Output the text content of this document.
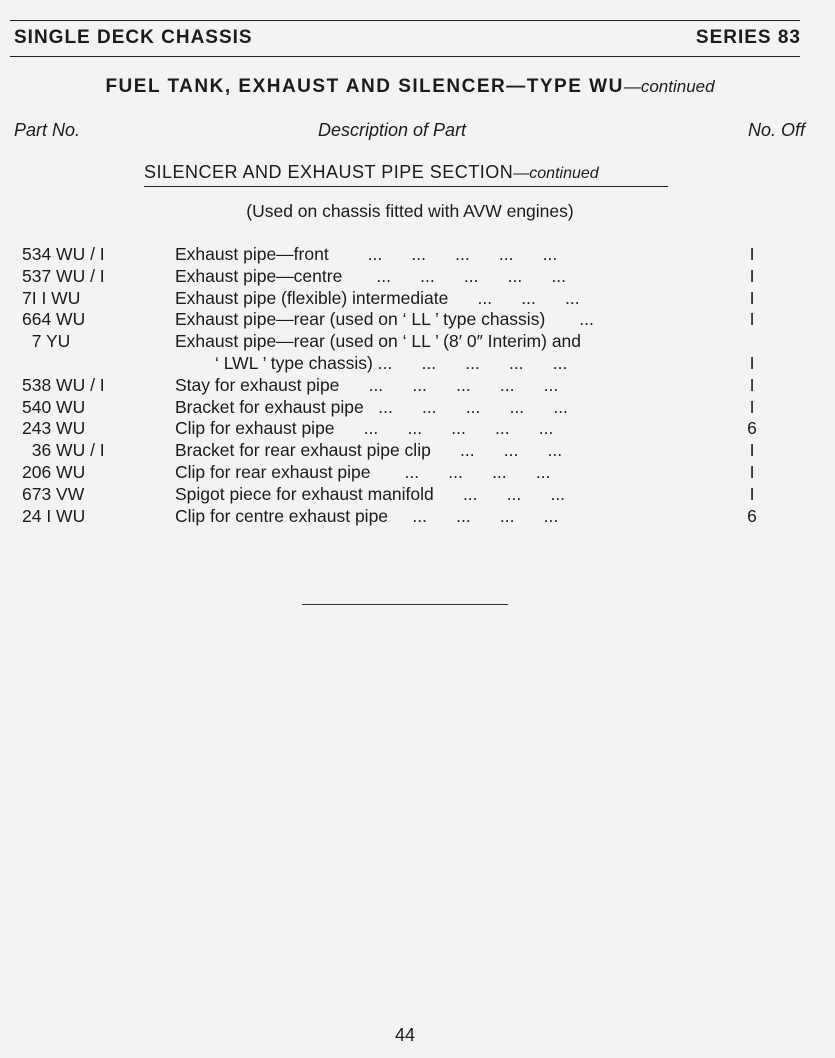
SINGLE DECK CHASSIS	SERIES 83
FUEL TANK, EXHAUST AND SILENCER—TYPE WU—continued
Part No.	Description of Part	No. Off
SILENCER AND EXHAUST PIPE SECTION—continued
(Used on chassis fitted with AVW engines)
534 WU / I	Exhaust pipe—front        ...      ...      ...      ...      ...	I
537 WU / I	Exhaust pipe—centre       ...      ...      ...      ...      ...	I
7I I WU	Exhaust pipe (flexible) intermediate      ...      ...      ...	I
664 WU	Exhaust pipe—rear (used on ‘ LL ’ type chassis)       ...	I
7 YU	Exhaust pipe—rear (used on ‘ LL ’ (8′ 0″ Interim) and
‘ LWL ’ type chassis) ...      ...      ...      ...      ...	I
538 WU / I	Stay for exhaust pipe      ...      ...      ...      ...      ...	I
540 WU	Bracket for exhaust pipe   ...      ...      ...      ...      ...	I
243 WU	Clip for exhaust pipe      ...      ...      ...      ...      ...	6
36 WU / I	Bracket for rear exhaust pipe clip      ...      ...      ...	I
206 WU	Clip for rear exhaust pipe       ...      ...      ...      ...	I
673 VW	Spigot piece for exhaust manifold      ...      ...      ...	I
24 I WU	Clip for centre exhaust pipe     ...      ...      ...      ...	6
44
